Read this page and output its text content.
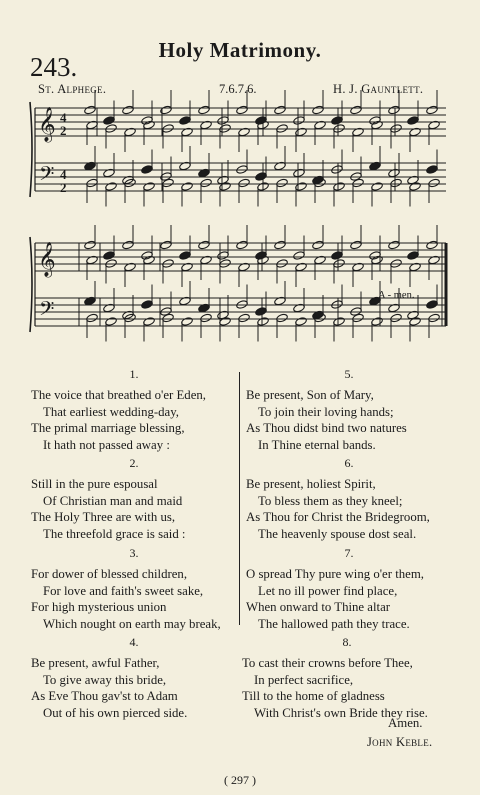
243.
Holy Matrimony.
St. Alphege.	7.6.7.6.	H. J. Gauntlett.
𝄞
𝄢
𝄞
𝄢
4
2
4
2
A - men.
1.
The voice that breathed o'er Eden,
That earliest wedding-day,
The primal marriage blessing,
It hath not passed away :
2.
Still in the pure espousal
Of Christian man and maid
The Holy Three are with us,
The threefold grace is said :
3.
For dower of blessed children,
For love and faith's sweet sake,
For high mysterious union
Which nought on earth may break,
4.
Be present, awful Father,
To give away this bride,
As Eve Thou gav'st to Adam
Out of his own pierced side.
5.
Be present, Son of Mary,
To join their loving hands;
As Thou didst bind two natures
In Thine eternal bands.
6.
Be present, holiest Spirit,
To bless them as they kneel;
As Thou for Christ the Bridegroom,
The heavenly spouse dost seal.
7.
O spread Thy pure wing o'er them,
Let no ill power find place,
When onward to Thine altar
The hallowed path they trace.
8.
To cast their crowns before Thee,
In perfect sacrifice,
Till to the home of gladness
With Christ's own Bride they rise.
Amen.
John Keble.
( 297 )
